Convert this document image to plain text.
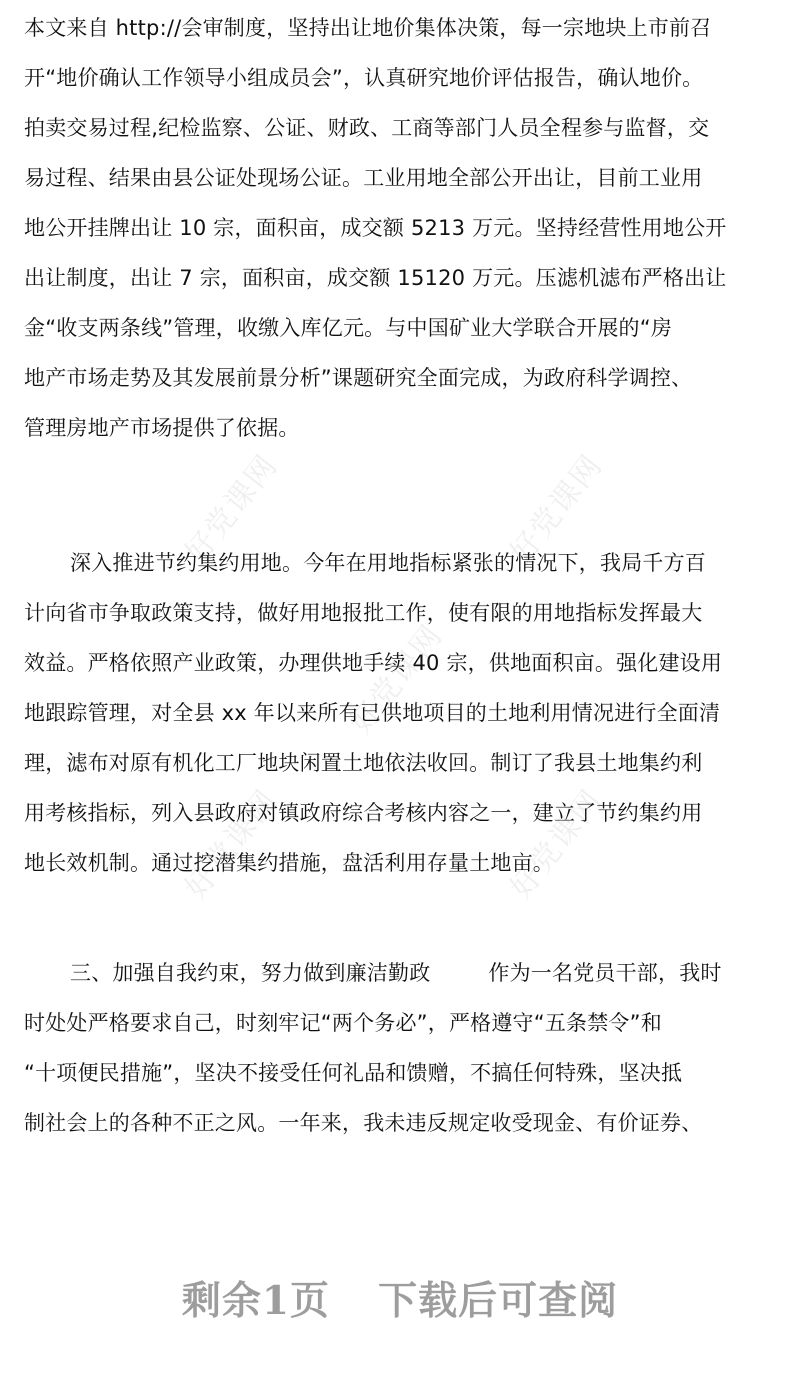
好党课网	好党课网
好党课网
好党课网	好党课网
本文来自 http://会审制度，坚持出让地价集体决策，每一宗地块上市前召
开“地价确认工作领导小组成员会”，认真研究地价评估报告，确认地价。
拍卖交易过程,纪检监察、公证、财政、工商等部门人员全程参与监督，交
易过程、结果由县公证处现场公证。工业用地全部公开出让，目前工业用
地公开挂牌出让 10 宗，面积亩，成交额 5213 万元。坚持经营性用地公开
出让制度，出让 7 宗，面积亩，成交额 15120 万元。压滤机滤布严格出让
金“收支两条线”管理，收缴入库亿元。与中国矿业大学联合开展的“房
地产市场走势及其发展前景分析”课题研究全面完成，为政府科学调控、
管理房地产市场提供了依据。
深入推进节约集约用地。今年在用地指标紧张的情况下，我局千方百
计向省市争取政策支持，做好用地报批工作，使有限的用地指标发挥最大
效益。严格依照产业政策，办理供地手续 40 宗，供地面积亩。强化建设用
地跟踪管理，对全县 xx 年以来所有已供地项目的土地利用情况进行全面清
理，滤布对原有机化工厂地块闲置土地依法收回。制订了我县土地集约利
用考核指标，列入县政府对镇政府综合考核内容之一，建立了节约集约用
地长效机制。通过挖潜集约措施，盘活利用存量土地亩。
三、加强自我约束，努力做到廉洁勤政	作为一名党员干部，我时
时处处严格要求自己，时刻牢记“两个务必”，严格遵守“五条禁令”和
“十项便民措施”，坚决不接受任何礼品和馈赠，不搞任何特殊，坚决抵
制社会上的各种不正之风。一年来，我未违反规定收受现金、有价证券、
剩余1页 下载后可查阅
